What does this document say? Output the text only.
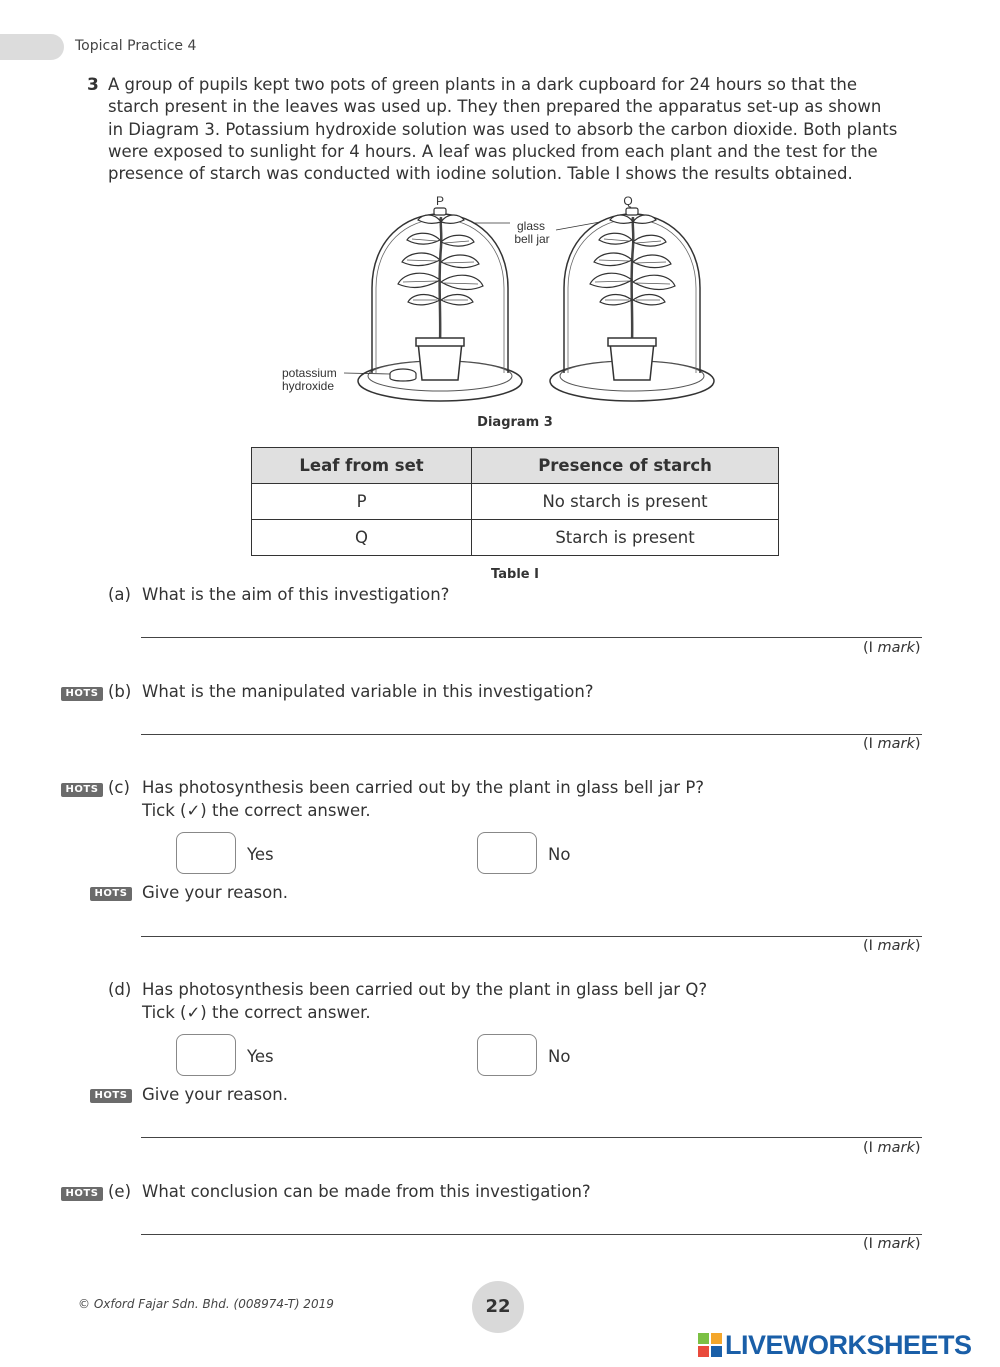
Topical Practice 4
3 A group of pupils kept two pots of green plants in a dark cupboard for 24 hours so that the
starch present in the leaves was used up. They then prepared the apparatus set-up as shown
in Diagram 3. Potassium hydroxide solution was used to absorb the carbon dioxide. Both plants
were exposed to sunlight for 4 hours. A leaf was plucked from each plant and the test for the
presence of starch was conducted with iodine solution. Table I shows the results obtained.
P	Q
glass
bell jar
potassium
hydroxide
Diagram 3
Leaf from set	Presence of starch
P	No starch is present
Q	Starch is present
Table I
(a) What is the aim of this investigation?
(I mark)
HOTS (b) What is the manipulated variable in this investigation?
(I mark)
HOTS (c) Has photosynthesis been carried out by the plant in glass bell jar P?
Tick (✓) the correct answer.
Yes	No
HOTS Give your reason.
(I mark)
(d) Has photosynthesis been carried out by the plant in glass bell jar Q?
Tick (✓) the correct answer.
Yes	No
HOTS Give your reason.
(I mark)
HOTS (e) What conclusion can be made from this investigation?
(I mark)
© Oxford Fajar Sdn. Bhd. (008974-T) 2019	22
LIVEWORKSHEETS
